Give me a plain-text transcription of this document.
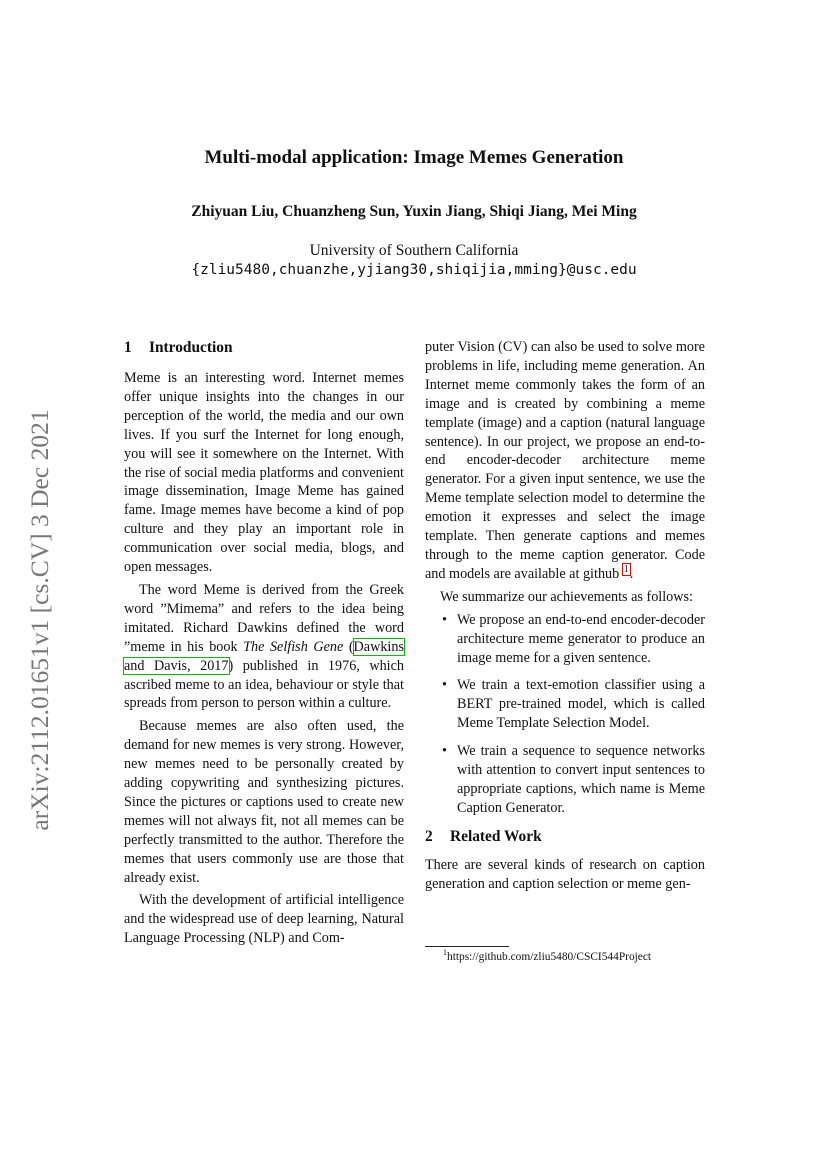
Multi-modal application: Image Memes Generation
Zhiyuan Liu, Chuanzheng Sun, Yuxin Jiang, Shiqi Jiang, Mei Ming
University of Southern California
{zliu5480,chuanzhe,yjiang30,shiqijia,mming}@usc.edu
arXiv:2112.01651v1 [cs.CV] 3 Dec 2021
1 Introduction

Meme is an interesting word. Internet memes offer unique insights into the changes in our perception of the world, the media and our own lives. If you surf the Internet for long enough, you will see it somewhere on the Internet. With the rise of social media platforms and convenient image dissemination, Image Meme has gained fame. Image memes have become a kind of pop culture and they play an important role in communication over social media, blogs, and open messages.

The word Meme is derived from the Greek word ”Mimema” and refers to the idea being imitated. Richard Dawkins defined the word ”meme in his book The Selfish Gene (Dawkins and Davis, 2017) published in 1976, which ascribed meme to an idea, behaviour or style that spreads from person to person within a culture.

Because memes are also often used, the demand for new memes is very strong. However, new memes need to be personally created by adding copywriting and synthesizing pictures. Since the pictures or captions used to create new memes will not always fit, not all memes can be perfectly transmitted to the author. Therefore the memes that users commonly use are those that already exist.

With the development of artificial intelligence and the widespread use of deep learning, Natural Language Processing (NLP) and Com-

puter Vision (CV) can also be used to solve more problems in life, including meme generation. An Internet meme commonly takes the form of an image and is created by combining a meme template (image) and a caption (natural language sentence). In our project, we propose an end-to-end encoder-decoder architecture meme generator. For a given input sentence, we use the Meme template selection model to determine the emotion it expresses and select the image template. Then generate captions and memes through to the meme caption generator. Code and models are available at github $^1$.

We summarize our achievements as follows:

• We propose an end-to-end encoder-decoder architecture meme generator to produce an image meme for a given sentence.
• We train a text-emotion classifier using a BERT pre-trained model, which is called Meme Template Selection Model.
• We train a sequence to sequence networks with attention to convert input sentences to appropriate captions, which name is Meme Caption Generator.
2 Related Work

There are several kinds of research on caption generation and caption selection or meme gen-

$^1$https://github.com/zliu5480/CSCI544Project
